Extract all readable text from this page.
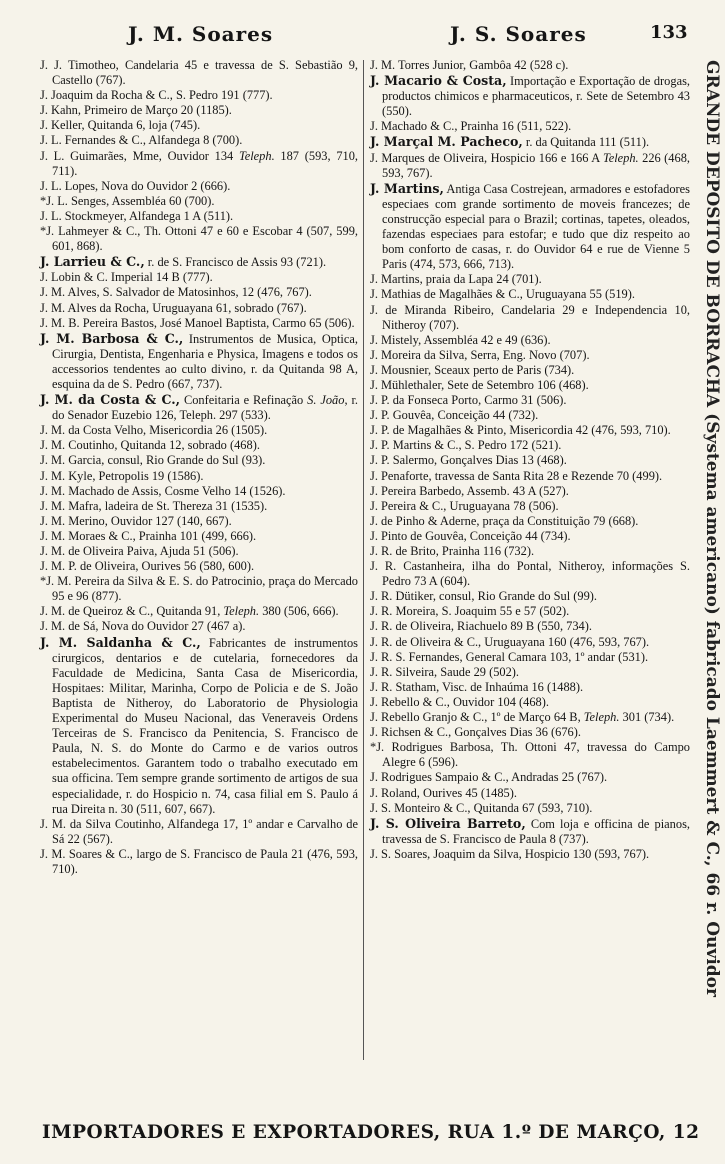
J. M. Soares	J. S. Soares	133
J. J. Timotheo, Candelaria 45 e travessa de S. Sebastião 9, Castello (767).
J. Joaquim da Rocha & C., S. Pedro 191 (777).
J. Kahn, Primeiro de Março 20 (1185).
J. Keller, Quitanda 6, loja (745).
J. L. Fernandes & C., Alfandega 8 (700).
J. L. Guimarães, Mme, Ouvidor 134 Teleph. 187 (593, 710, 711).
J. L. Lopes, Nova do Ouvidor 2 (666).
*J. L. Senges, Assembléa 60 (700).
J. L. Stockmeyer, Alfandega 1 A (511).
*J. Lahmeyer & C., Th. Ottoni 47 e 60 e Escobar 4 (507, 599, 601, 868).
J. Larrieu & C., r. de S. Francisco de Assis 93 (721).
J. Lobin & C. Imperial 14 B (777).
J. M. Alves, S. Salvador de Matosinhos, 12 (476, 767).
J. M. Alves da Rocha, Uruguayana 61, sobrado (767).
J. M. B. Pereira Bastos, José Manoel Baptista, Carmo 65 (506).
J. M. Barbosa & C., Instrumentos de Musica, Optica, Cirurgia, Dentista, Engenharia e Physica, Imagens e todos os accessorios tendentes ao culto divino, r. da Quitanda 98 A, esquina da de S. Pedro (667, 737).
J. M. da Costa & C., Confeitaria e Refinação S. João, r. do Senador Euzebio 126, Teleph. 297 (533).
J. M. da Costa Velho, Misericordia 26 (1505).
J. M. Coutinho, Quitanda 12, sobrado (468).
J. M. Garcia, consul, Rio Grande do Sul (93).
J. M. Kyle, Petropolis 19 (1586).
J. M. Machado de Assis, Cosme Velho 14 (1526).
J. M. Mafra, ladeira de St. Thereza 31 (1535).
J. M. Merino, Ouvidor 127 (140, 667).
J. M. Moraes & C., Prainha 101 (499, 666).
J. M. de Oliveira Paiva, Ajuda 51 (506).
J. M. P. de Oliveira, Ourives 56 (580, 600).
*J. M. Pereira da Silva & E. S. do Patrocinio, praça do Mercado 95 e 96 (877).
J. M. de Queiroz & C., Quitanda 91, Teleph. 380 (506, 666).
J. M. de Sá, Nova do Ouvidor 27 (467 a).
J. M. Saldanha & C., Fabricantes de instrumentos cirurgicos, dentarios e de cutelaria, fornecedores da Faculdade de Medicina, Santa Casa de Misericordia, Hospitaes: Militar, Marinha, Corpo de Policia e de S. João Baptista de Nitheroy, do Laboratorio de Physiologia Experimental do Museu Nacional, das Veneraveis Ordens Terceiras de S. Francisco da Penitencia, S. Francisco de Paula, N. S. do Monte do Carmo e de varios outros estabelecimentos. Garantem todo o trabalho executado em sua officina. Tem sempre grande sortimento de artigos de sua especialidade, r. do Hospicio n. 74, casa filial em S. Paulo á rua Direita n. 30 (511, 607, 667).
J. M. da Silva Coutinho, Alfandega 17, 1º andar e Carvalho de Sá 22 (567).
J. M. Soares & C., largo de S. Francisco de Paula 21 (476, 593, 710).
J. M. Torres Junior, Gambôa 42 (528 c).
J. Macario & Costa, Importação e Exportação de drogas, productos chimicos e pharmaceuticos, r. Sete de Setembro 43 (550).
J. Machado & C., Prainha 16 (511, 522).
J. Marçal M. Pacheco, r. da Quitanda 111 (511).
J. Marques de Oliveira, Hospicio 166 e 166 A Teleph. 226 (468, 593, 767).
J. Martins, Antiga Casa Costrejean, armadores e estofadores especiaes com grande sortimento de moveis francezes; de construcção especial para o Brazil; cortinas, tapetes, oleados, fazendas especiaes para estofar; e tudo que diz respeito ao bom conforto de casas, r. do Ouvidor 64 e rue de Vienne 5 Paris (474, 573, 666, 713).
J. Martins, praia da Lapa 24 (701).
J. Mathias de Magalhães & C., Uruguayana 55 (519).
J. de Miranda Ribeiro, Candelaria 29 e Independencia 10, Nitheroy (707).
J. Mistely, Assembléa 42 e 49 (636).
J. Moreira da Silva, Serra, Eng. Novo (707).
J. Mousnier, Sceaux perto de Paris (734).
J. Mühlethaler, Sete de Setembro 106 (468).
J. P. da Fonseca Porto, Carmo 31 (506).
J. P. Gouvêa, Conceição 44 (732).
J. P. de Magalhães & Pinto, Misericordia 42 (476, 593, 710).
J. P. Martins & C., S. Pedro 172 (521).
J. P. Salermo, Gonçalves Dias 13 (468).
J. Penaforte, travessa de Santa Rita 28 e Rezende 70 (499).
J. Pereira Barbedo, Assemb. 43 A (527).
J. Pereira & C., Uruguayana 78 (506).
J. de Pinho & Aderne, praça da Constituição 79 (668).
J. Pinto de Gouvêa, Conceição 44 (734).
J. R. de Brito, Prainha 116 (732).
J. R. Castanheira, ilha do Pontal, Nitheroy, informações S. Pedro 73 A (604).
J. R. Dütiker, consul, Rio Grande do Sul (99).
J. R. Moreira, S. Joaquim 55 e 57 (502).
J. R. de Oliveira, Riachuelo 89 B (550, 734).
J. R. de Oliveira & C., Uruguayana 160 (476, 593, 767).
J. R. S. Fernandes, General Camara 103, 1º andar (531).
J. R. Silveira, Saude 29 (502).
J. R. Statham, Visc. de Inhaúma 16 (1488).
J. Rebello & C., Ouvidor 104 (468).
J. Rebello Granjo & C., 1º de Março 64 B, Teleph. 301 (734).
J. Richsen & C., Gonçalves Dias 36 (676).
*J. Rodrigues Barbosa, Th. Ottoni 47, travessa do Campo Alegre 6 (596).
J. Rodrigues Sampaio & C., Andradas 25 (767).
J. Roland, Ourives 45 (1485).
J. S. Monteiro & C., Quitanda 67 (593, 710).
J. S. Oliveira Barreto, Com loja e officina de pianos, travessa de S. Francisco de Paula 8 (737).
J. S. Soares, Joaquim da Silva, Hospicio 130 (593, 767).	GRANDE DEPOSITO DE BORRACHA (Systema americano) fabricado Laemmert & C., 66 r. Ouvidor
IMPORTADORES E EXPORTADORES, RUA 1.º DE MARÇO, 12
